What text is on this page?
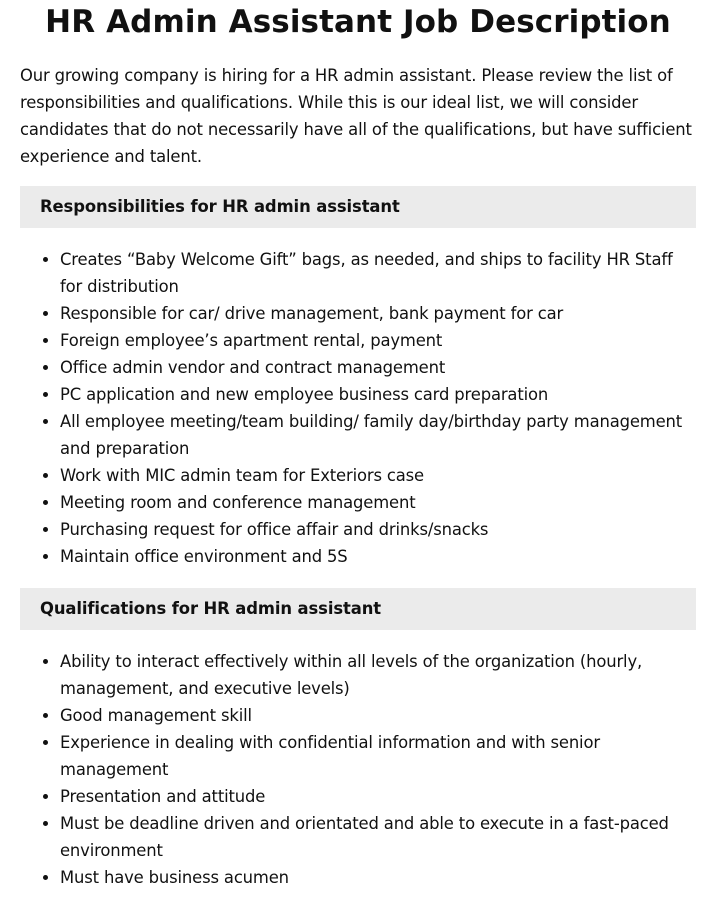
HR Admin Assistant Job Description

Our growing company is hiring for a HR admin assistant. Please review the list of responsibilities and qualifications. While this is our ideal list, we will consider candidates that do not necessarily have all of the qualifications, but have sufficient experience and talent.

Responsibilities for HR admin assistant
• Creates “Baby Welcome Gift” bags, as needed, and ships to facility HR Staff for distribution
• Responsible for car/ drive management, bank payment for car
• Foreign employee’s apartment rental, payment
• Office admin vendor and contract management
• PC application and new employee business card preparation
• All employee meeting/team building/ family day/birthday party management and preparation
• Work with MIC admin team for Exteriors case
• Meeting room and conference management
• Purchasing request for office affair and drinks/snacks
• Maintain office environment and 5S
Qualifications for HR admin assistant
• Ability to interact effectively within all levels of the organization (hourly, management, and executive levels)
• Good management skill
• Experience in dealing with confidential information and with senior management
• Presentation and attitude
• Must be deadline driven and orientated and able to execute in a fast-paced environment
• Must have business acumen
